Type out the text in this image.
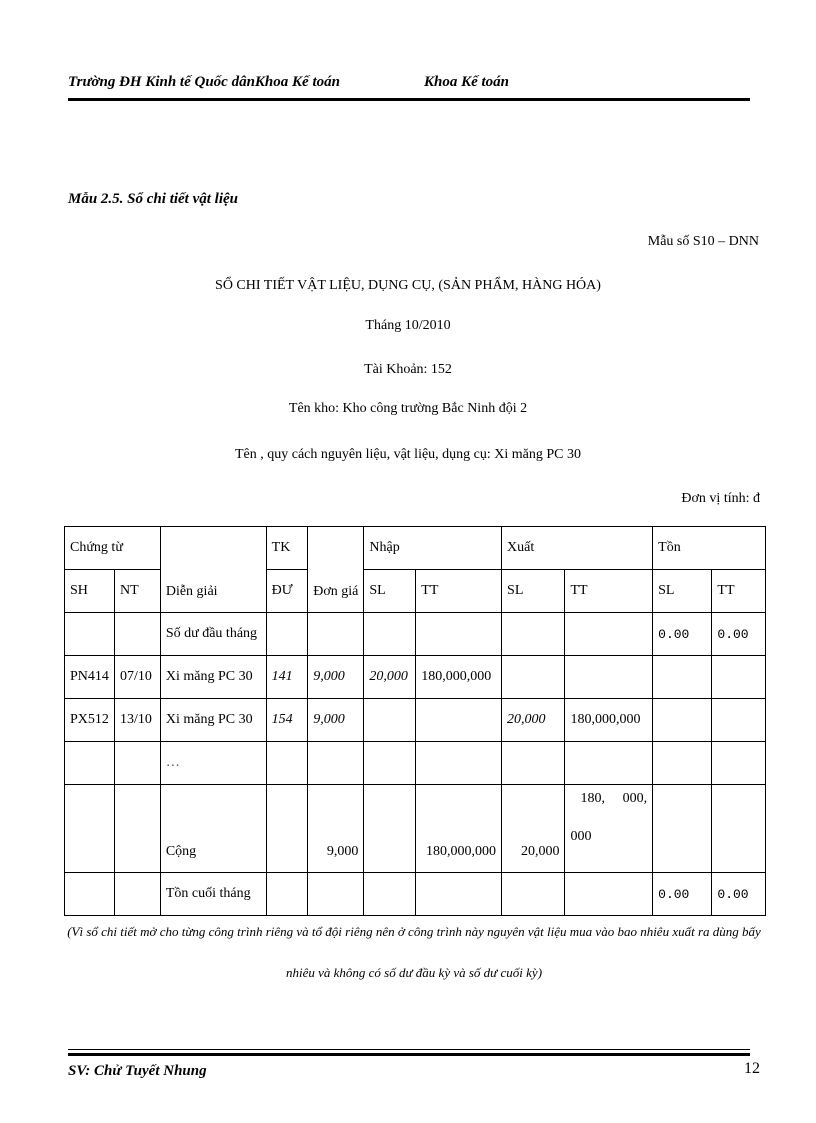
Trường ĐH Kinh tế Quốc dânKhoa Kế toán	Khoa Kế toán
Mẫu 2.5. Sổ chi tiết vật liệu
Mẫu số S10 – DNN
SỔ CHI TIẾT VẬT LIỆU, DỤNG CỤ, (SẢN PHẨM, HÀNG HÓA)
Tháng 10/2010
Tài Khoản: 152
Tên kho: Kho công trường Bắc Ninh đội 2
Tên , quy cách nguyên liệu, vật liệu, dụng cụ: Xi măng PC 30
Đơn vị tính: đ
Chứng từ		Diễn giải	TK	Đơn giá	Nhập		Xuất		Tồn	
SH	NT		ĐƯ		SL	TT	SL	TT	SL	TT
		Số dư đầu tháng							0.00	0.00
PN414	07/10	Xi măng PC 30	141	9,000	20,000	180,000,000				
PX512	13/10	Xi măng PC 30	154	9,000			20,000	180,000,000		
		…								
		Cộng		9,000		180,000,000	20,000	180, 000,
000		

		Tồn cuối tháng							0.00	0.00
(Vì sổ chi tiết mở cho từng công trình riêng và tổ đội riêng nên ở công trình này nguyên vật liệu mua vào bao nhiêu xuất ra dùng bấy
nhiêu và không có số dư đầu kỳ và số dư cuối kỳ)
SV: Chử Tuyết Nhung	12
